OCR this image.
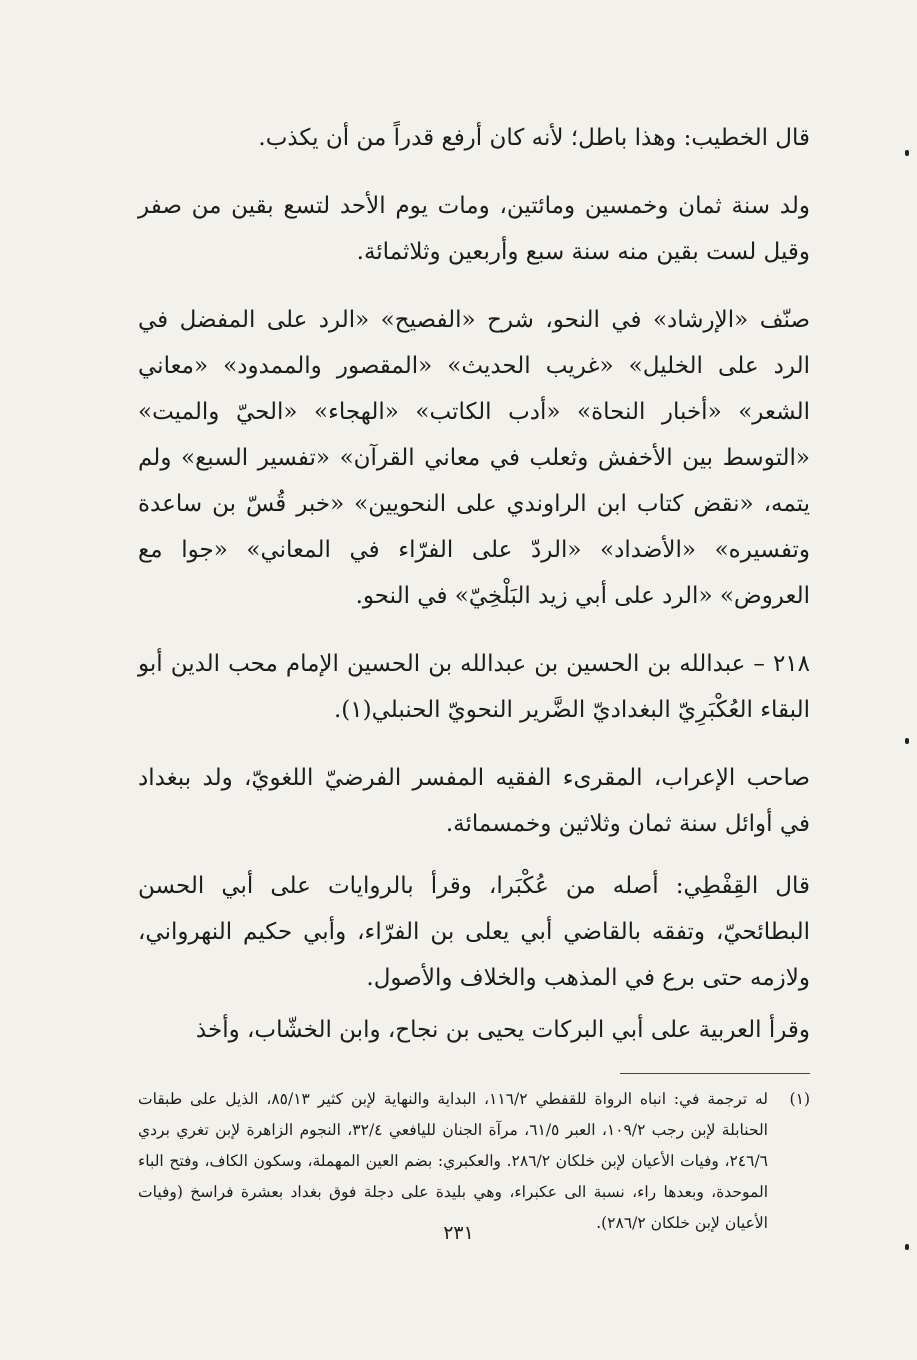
قال الخطيب: وهذا باطل؛ لأنه كان أرفع قدراً من أن يكذب.

ولد سنة ثمان وخمسين ومائتين، ومات يوم الأحد لتسع بقين من صفر وقيل لست بقين منه سنة سبع وأربعين وثلاثمائة.

صنّف «الإرشاد» في النحو، شرح «الفصيح» «الرد على المفضل في الرد على الخليل» «غريب الحديث» «المقصور والممدود» «معاني الشعر» «أخبار النحاة» «أدب الكاتب» «الهجاء» «الحيّ والميت» «التوسط بين الأخفش وثعلب في معاني القرآن» «تفسير السبع» ولم يتمه، «نقض كتاب ابن الراوندي على النحويين» «خبر قُسّ بن ساعدة وتفسيره» «الأضداد» «الردّ على الفرّاء في المعاني» «جوا مع العروض» «الرد على أبي زيد البَلْخِيّ» في النحو.

٢١٨ – عبدالله بن الحسين بن عبدالله بن الحسين الإمام محب الدين أبو البقاء العُكْبَرِيّ البغداديّ الضَّرير النحويّ الحنبلي(١).

صاحب الإعراب، المقرىء الفقيه المفسر الفرضيّ اللغويّ، ولد ببغداد في أوائل سنة ثمان وثلاثين وخمسمائة.

قال القِفْطِي: أصله من عُكْبَرا، وقرأ بالروايات على أبي الحسن البطائحيّ، وتفقه بالقاضي أبي يعلى بن الفرّاء، وأبي حكيم النهرواني، ولازمه حتى برع في المذهب والخلاف والأصول.

وقرأ العربية على أبي البركات يحيى بن نجاح، وابن الخشّاب، وأخذ

(١)
له ترجمة في: انباه الرواة للقفطي ١١٦/٢، البداية والنهاية لإبن كثير ٨٥/١٣، الذيل على طبقات الحنابلة لإبن رجب ١٠٩/٢، العبر ٦١/٥، مرآة الجنان لليافعي ٣٢/٤، النجوم الزاهرة لإبن تغري بردي ٢٤٦/٦، وفيات الأعيان لإبن خلكان ٢٨٦/٢. والعكبري: بضم العين المهملة، وسكون الكاف، وفتح الباء الموحدة، وبعدها راء، نسبة الى عكبراء، وهي بليدة على دجلة فوق بغداد بعشرة فراسخ (وفيات الأعيان لإبن خلكان ٢٨٦/٢).
٢٣١
